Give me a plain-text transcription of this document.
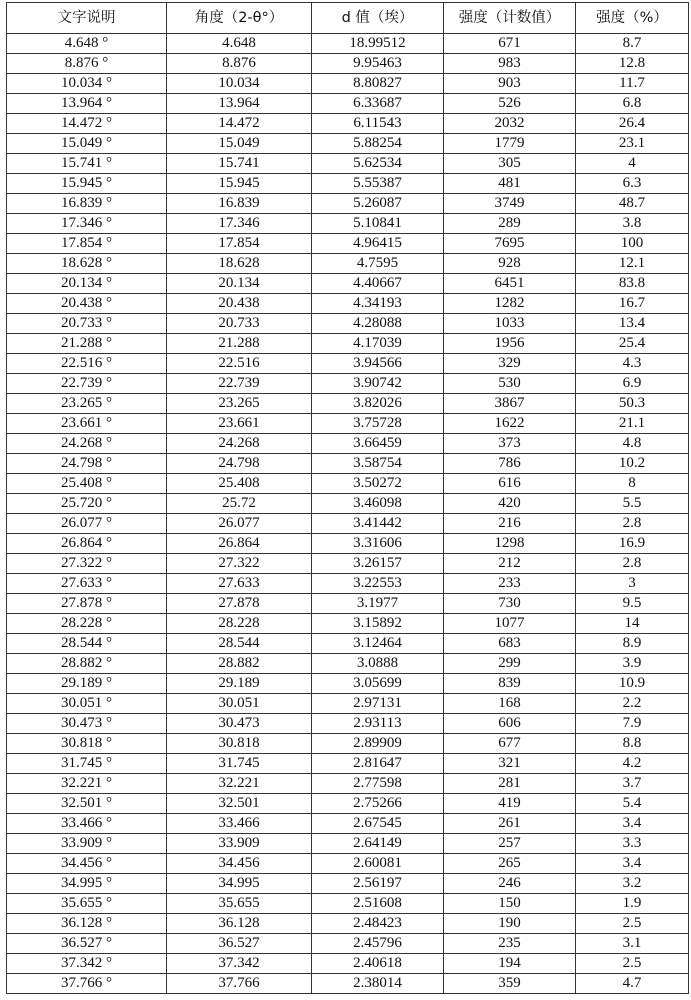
文字说明	角度（2-θ°）	d 值（埃）	强度（计数值）	强度（%）
4.648 °	4.648	18.99512	671	8.7
8.876 °	8.876	9.95463	983	12.8
10.034 °	10.034	8.80827	903	11.7
13.964 °	13.964	6.33687	526	6.8
14.472 °	14.472	6.11543	2032	26.4
15.049 °	15.049	5.88254	1779	23.1
15.741 °	15.741	5.62534	305	4
15.945 °	15.945	5.55387	481	6.3
16.839 °	16.839	5.26087	3749	48.7
17.346 °	17.346	5.10841	289	3.8
17.854 °	17.854	4.96415	7695	100
18.628 °	18.628	4.7595	928	12.1
20.134 °	20.134	4.40667	6451	83.8
20.438 °	20.438	4.34193	1282	16.7
20.733 °	20.733	4.28088	1033	13.4
21.288 °	21.288	4.17039	1956	25.4
22.516 °	22.516	3.94566	329	4.3
22.739 °	22.739	3.90742	530	6.9
23.265 °	23.265	3.82026	3867	50.3
23.661 °	23.661	3.75728	1622	21.1
24.268 °	24.268	3.66459	373	4.8
24.798 °	24.798	3.58754	786	10.2
25.408 °	25.408	3.50272	616	8
25.720 °	25.72	3.46098	420	5.5
26.077 °	26.077	3.41442	216	2.8
26.864 °	26.864	3.31606	1298	16.9
27.322 °	27.322	3.26157	212	2.8
27.633 °	27.633	3.22553	233	3
27.878 °	27.878	3.1977	730	9.5
28.228 °	28.228	3.15892	1077	14
28.544 °	28.544	3.12464	683	8.9
28.882 °	28.882	3.0888	299	3.9
29.189 °	29.189	3.05699	839	10.9
30.051 °	30.051	2.97131	168	2.2
30.473 °	30.473	2.93113	606	7.9
30.818 °	30.818	2.89909	677	8.8
31.745 °	31.745	2.81647	321	4.2
32.221 °	32.221	2.77598	281	3.7
32.501 °	32.501	2.75266	419	5.4
33.466 °	33.466	2.67545	261	3.4
33.909 °	33.909	2.64149	257	3.3
34.456 °	34.456	2.60081	265	3.4
34.995 °	34.995	2.56197	246	3.2
35.655 °	35.655	2.51608	150	1.9
36.128 °	36.128	2.48423	190	2.5
36.527 °	36.527	2.45796	235	3.1
37.342 °	37.342	2.40618	194	2.5
37.766 °	37.766	2.38014	359	4.7
